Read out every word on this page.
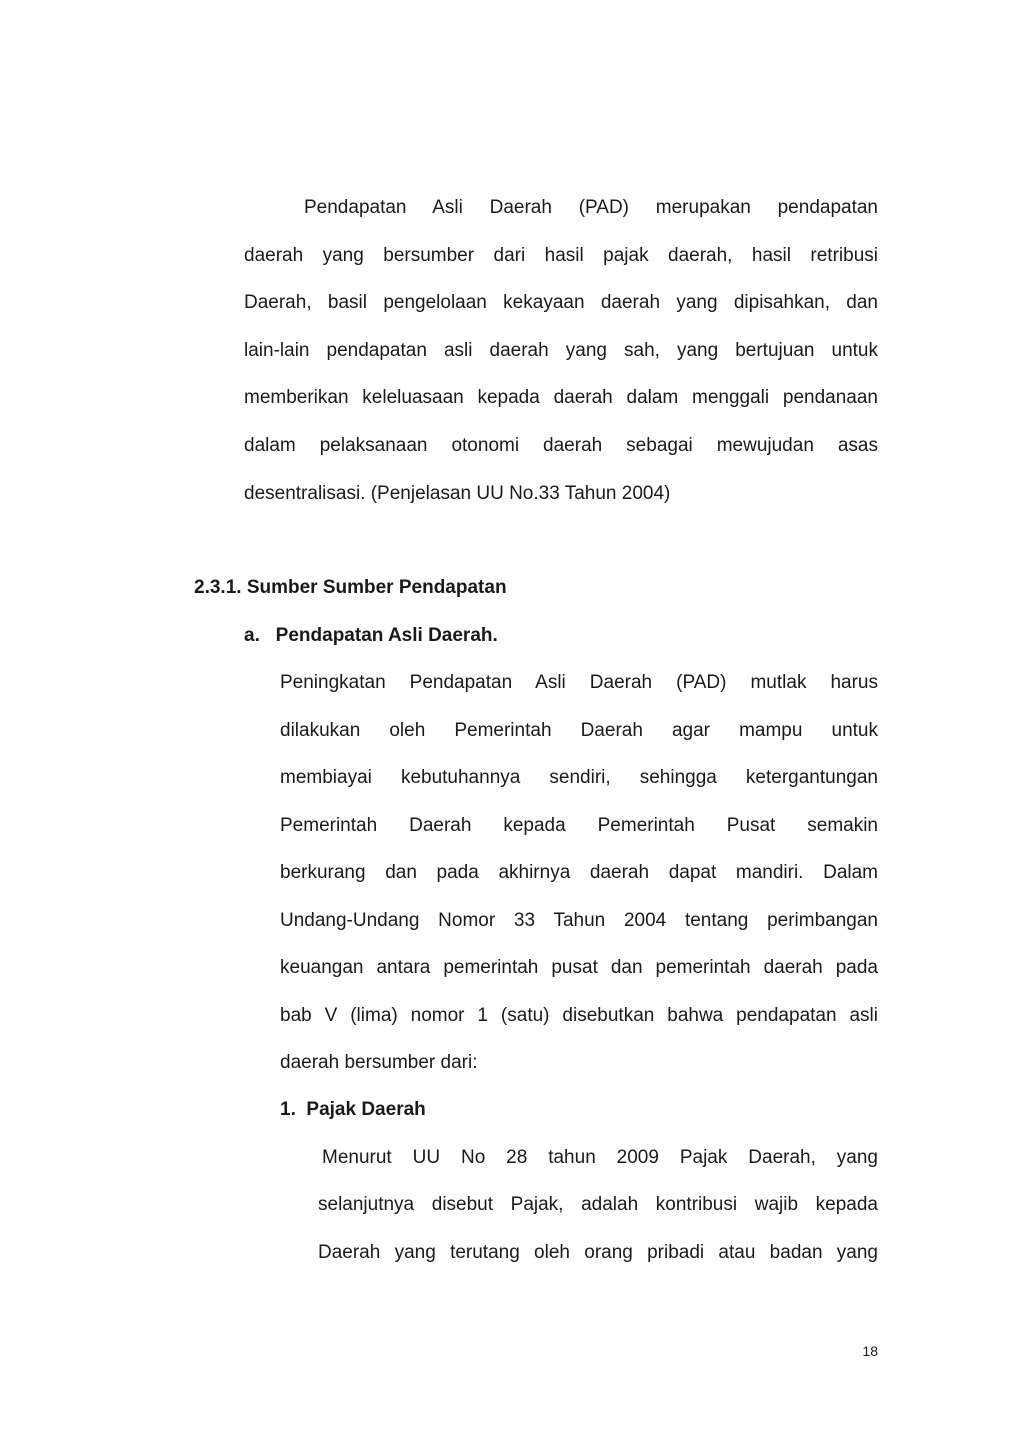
Pendapatan Asli Daerah (PAD) merupakan pendapatan

daerah yang bersumber dari hasil pajak daerah, hasil retribusi

Daerah, basil pengelolaan kekayaan daerah yang dipisahkan, dan

lain-lain pendapatan asli daerah yang sah, yang bertujuan untuk

memberikan keleluasaan kepada daerah dalam menggali pendanaan

dalam pelaksanaan otonomi daerah sebagai mewujudan asas

desentralisasi. (Penjelasan UU No.33 Tahun 2004)

2.3.1. Sumber Sumber Pendapatan

a.   Pendapatan Asli Daerah.

Peningkatan Pendapatan Asli Daerah (PAD) mutlak harus

dilakukan oleh Pemerintah Daerah agar mampu untuk

membiayai kebutuhannya sendiri, sehingga ketergantungan

Pemerintah Daerah kepada Pemerintah Pusat semakin

berkurang dan pada akhirnya daerah dapat mandiri. Dalam

Undang-Undang Nomor 33 Tahun 2004 tentang perimbangan

keuangan antara pemerintah pusat dan pemerintah daerah pada

bab V (lima) nomor 1 (satu) disebutkan bahwa pendapatan asli

daerah bersumber dari:

1.  Pajak Daerah

Menurut UU No 28 tahun 2009 Pajak Daerah, yang

selanjutnya disebut Pajak, adalah kontribusi wajib kepada

Daerah yang terutang oleh orang pribadi atau badan yang

18
